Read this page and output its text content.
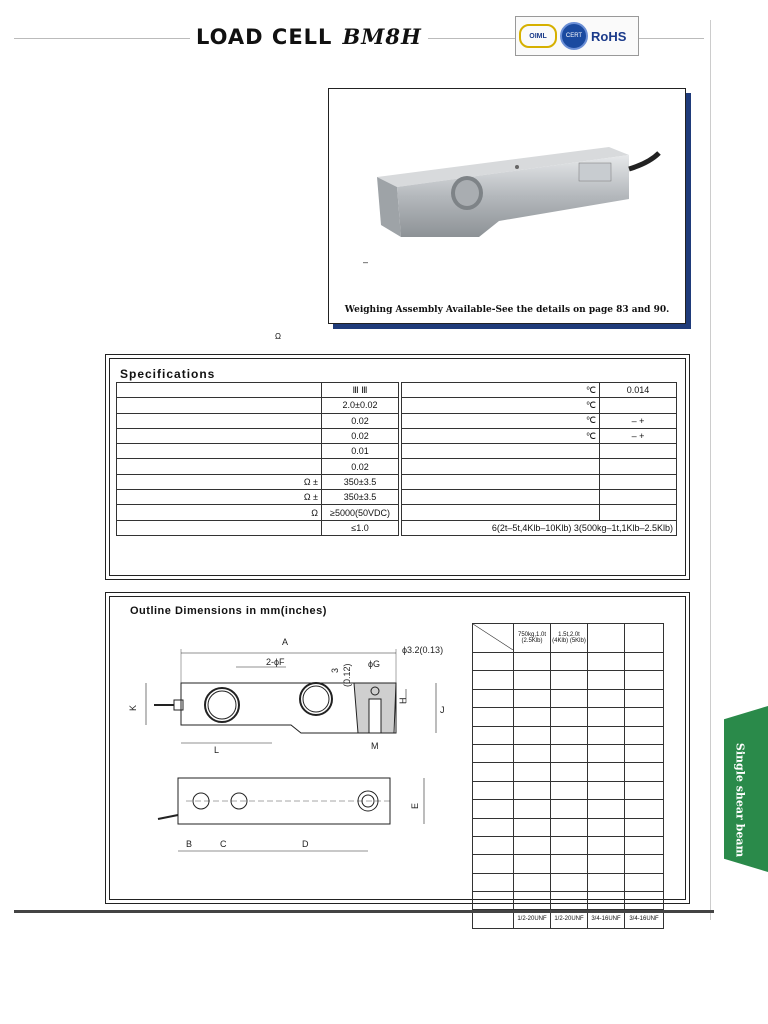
LOAD CELL BM8H	OIML	CERT RoHS
–
Weighing Assembly Available-See the details on page 83 and 90.
Ω
Specifications
	Ⅲ Ⅲ
	2.0±0.02
	0.02
	0.02
	0.01
	0.02
Ω ±	350±3.5
Ω ±	350±3.5
Ω	≥5000(50VDC)
	≤1.0
℃	0.014
℃	
℃	– +
℃	– +

6(2t–5t,4Klb–10Klb) 3(500kg–1t,1Klb–2.5Klb)	
Outline Dimensions in mm(inches)
A
2-ϕF
ϕ3.2(0.13)
ϕG
3 (0.12)
K
H
J
L	M
E
B	C	D
	750kg,1.0t (2.5Klb)	1.5t,2.0t (4Klb) (5Klb)		

	1/2-20UNF	1/2-20UNF	3/4-16UNF	3/4-16UNF
Single shear beam
